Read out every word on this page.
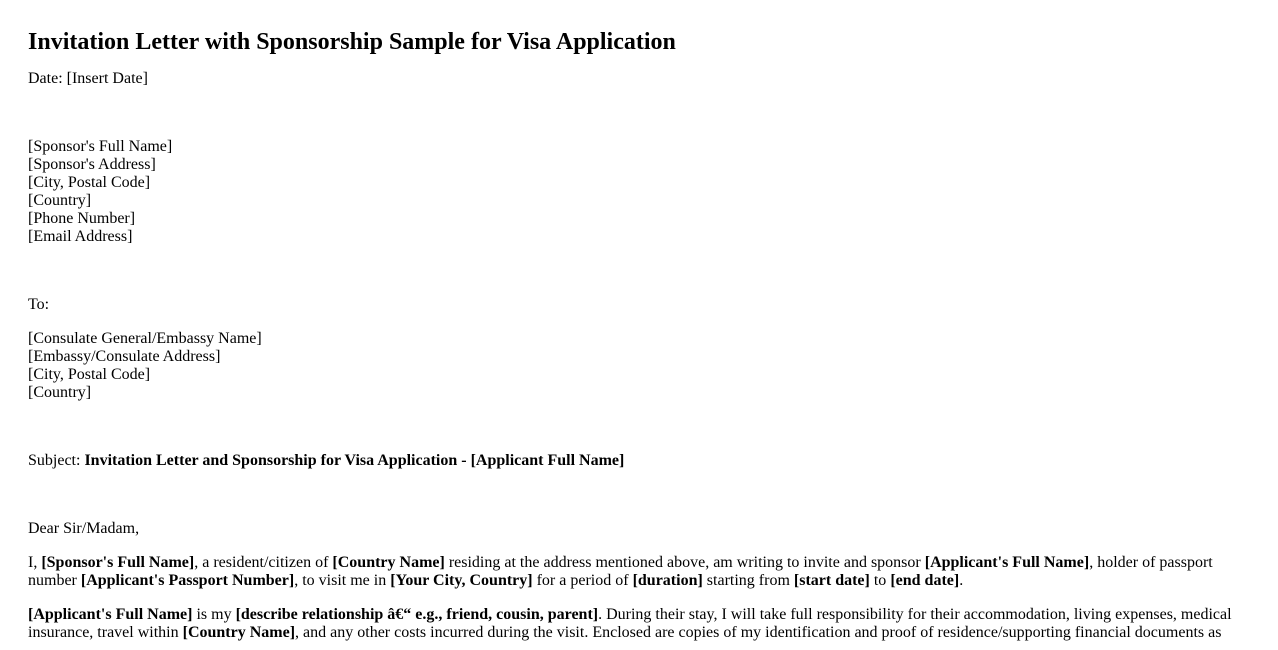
Invitation Letter with Sponsorship Sample for Visa Application

Date: [Insert Date]

[Sponsor's Full Name]
[Sponsor's Address]
[City, Postal Code]
[Country]
[Phone Number]
[Email Address]
To:
[Consulate General/Embassy Name]
[Embassy/Consulate Address]
[City, Postal Code]
[Country]
Subject: Invitation Letter and Sponsorship for Visa Application - [Applicant Full Name]
Dear Sir/Madam,

I, [Sponsor's Full Name], a resident/citizen of [Country Name] residing at the address mentioned above, am writing to invite and sponsor [Applicant's Full Name], holder of passport number [Applicant's Passport Number], to visit me in [Your City, Country] for a period of [duration] starting from [start date] to [end date].

[Applicant's Full Name] is my [describe relationship â€“ e.g., friend, cousin, parent]. During their stay, I will take full responsibility for their accommodation, living expenses, medical insurance, travel within [Country Name], and any other costs incurred during the visit. Enclosed are copies of my identification and proof of residence/supporting financial documents as
